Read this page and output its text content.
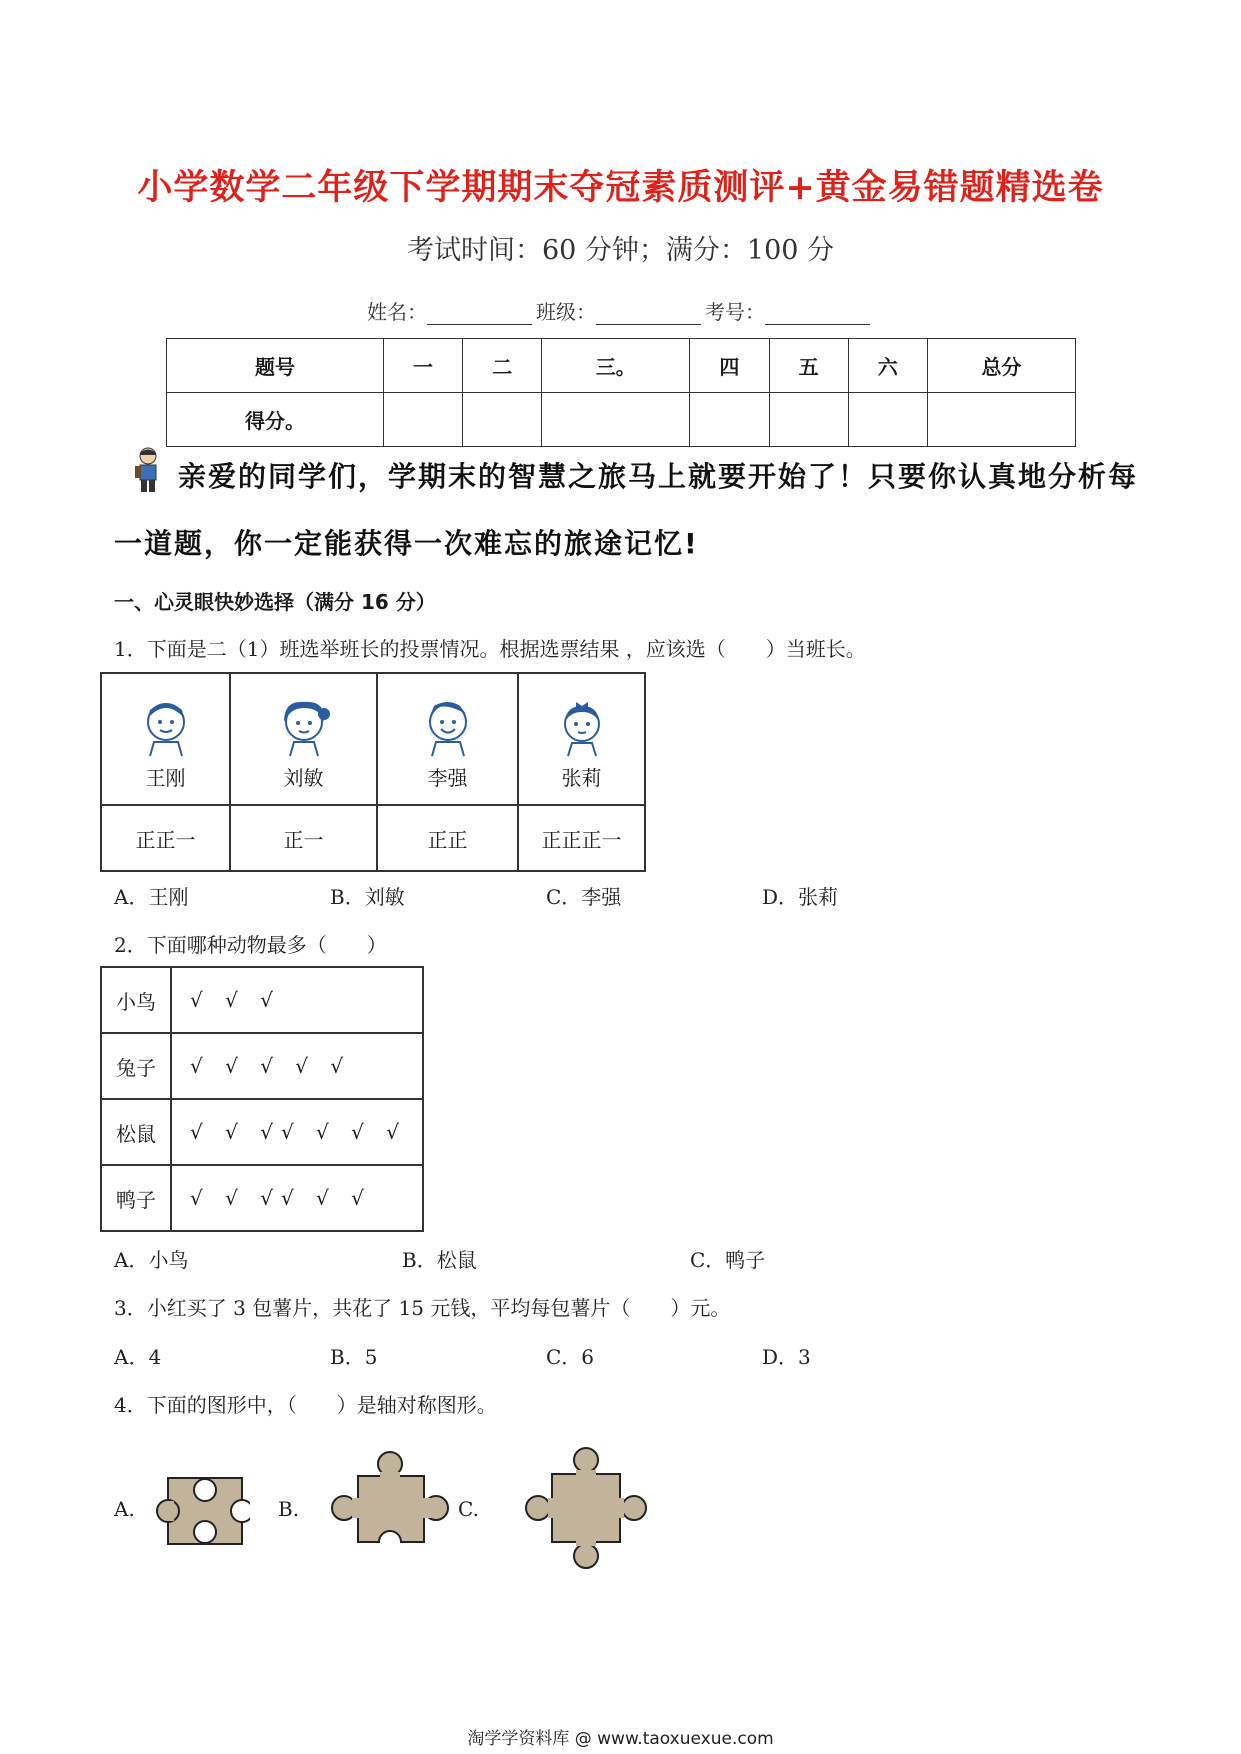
小学数学二年级下学期期末夺冠素质测评+黄金易错题精选卷
考试时间：60 分钟；满分：100 分
姓名：	班级：	考号：
题号	一	二	三。	四	五	六	总分
得分。							
亲爱的同学们，学期末的智慧之旅马上就要开始了！只要你认真地分析每
一道题，你一定能获得一次难忘的旅途记忆!
一、心灵眼快妙选择（满分 16 分）
1．下面是二（1）班选举班长的投票情况。根据选票结果 ，应该选（　　）当班长。
王刚	刘敏	李强	张莉

正正一	正一	正正	正正正一
A．王刚	B．刘敏	C．李强	D．张莉
2．下面哪种动物最多（　　）
小鸟	√ √ √
兔子	√ √ √ √ √
松鼠	√ √ √√ √ √ √
鸭子	√ √ √√ √ √
A．小鸟	B．松鼠	C．鸭子
3．小红买了 3 包薯片，共花了 15 元钱，平均每包薯片（　　）元。
A．4	B．5	C．6	D．3
4．下面的图形中，（　　）是轴对称图形。
A.	B.	C.
淘学学资料库 @ www.taoxuexue.com
